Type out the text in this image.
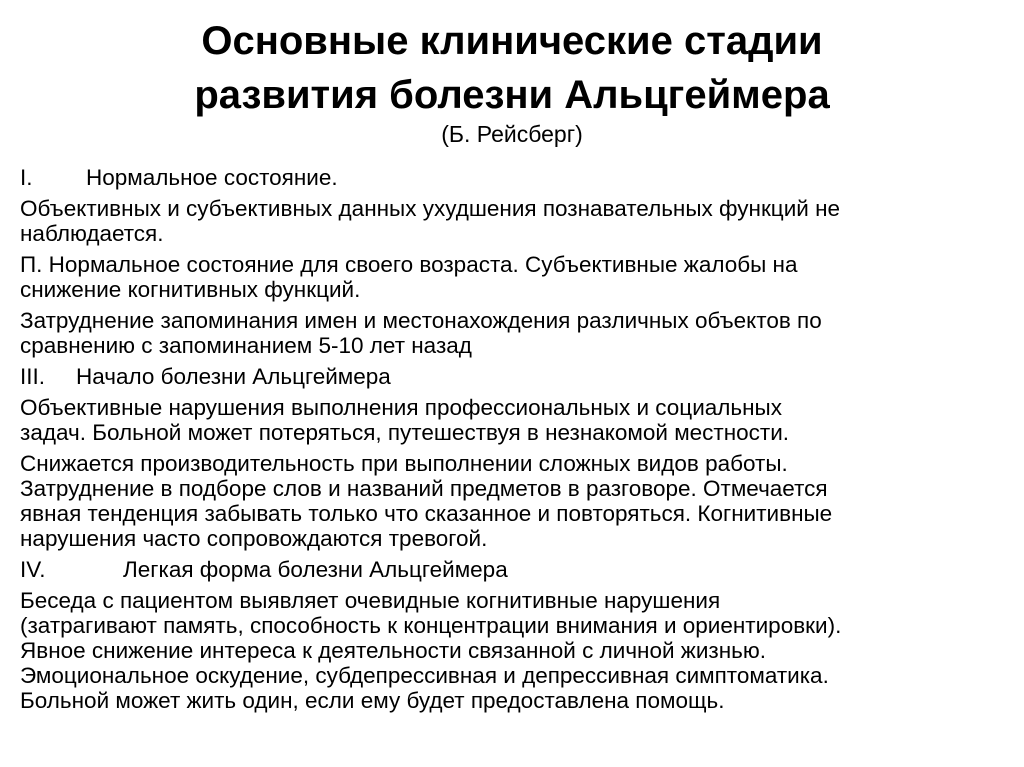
Основные клинические стадии
развития болезни Альцгеймера
(Б. Рейсберг)
I.	Нормальное состояние.
Объективных и субъективных данных ухудшения познавательных функций не
наблюдается.
П. Нормальное состояние для своего возраста. Субъективные жалобы на
снижение когнитивных функций.
Затруднение запоминания имен и местонахождения различных объектов по
сравнению с запоминанием 5-10 лет назад
III.	Начало болезни Альцгеймера
Объективные нарушения выполнения профессиональных и социальных
задач. Больной может потеряться, путешествуя в незнакомой местности.
Снижается производительность при выполнении сложных видов работы.
Затруднение в подборе слов и названий предметов в разговоре. Отмечается
явная тенденция забывать только что сказанное и повторяться. Когнитивные
нарушения часто сопровождаются тревогой.
IV.	Легкая форма болезни Альцгеймера
Беседа с пациентом выявляет очевидные когнитивные нарушения
(затрагивают память, способность к концентрации внимания и ориентировки).
Явное снижение интереса к деятельности связанной с личной жизнью.
Эмоциональное оскудение, субдепрессивная и депрессивная симптоматика.
Больной может жить один, если ему будет предоставлена помощь.
